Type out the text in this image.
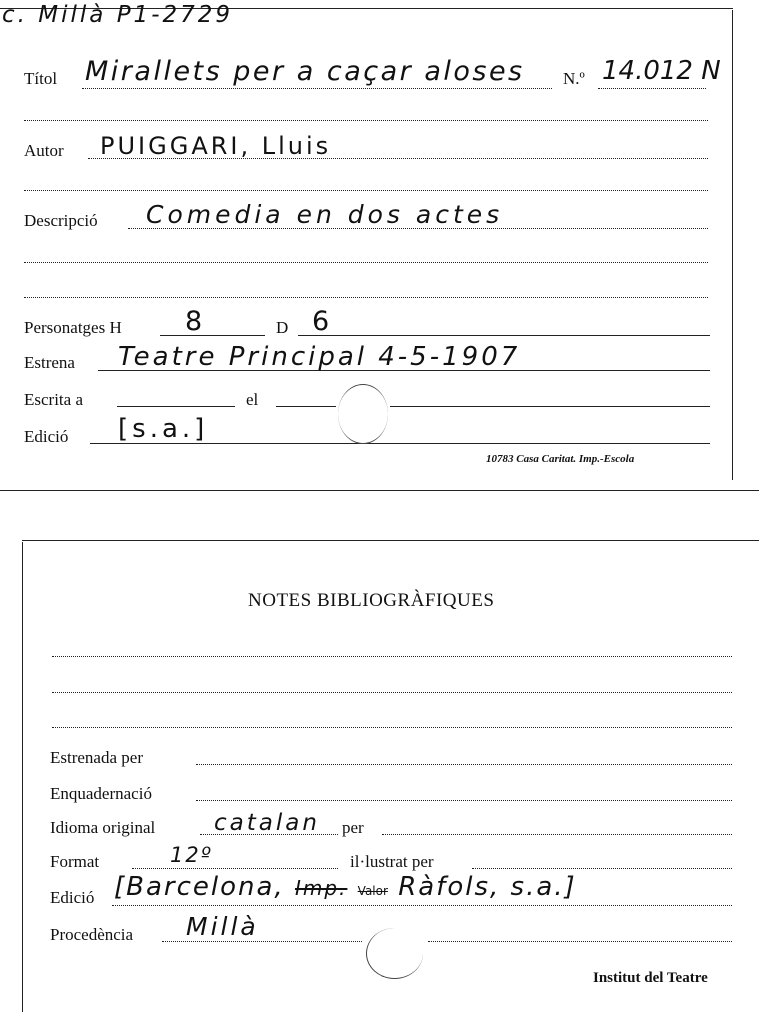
c. Millà P1-2729
Títol Mirallets per a caçar aloses N.º 14.012 N
Autor PUIGGARI, Lluis
Descripció Comedia en dos actes
Personatges H 8	D 6
Estrena Teatre Principal 4-5-1907
Escrita a	el
Edició [s.a.]
10783 Casa Caritat. Imp.-Escola
NOTES BIBLIOGRÀFIQUES
Estrenada per
Enquadernació
Idioma original	catalan per
Format	12º	il·lustrat per
Edició [Barcelona, Imp. Valor Ràfols, s.a.]
Procedència Millà
Institut del Teatre
